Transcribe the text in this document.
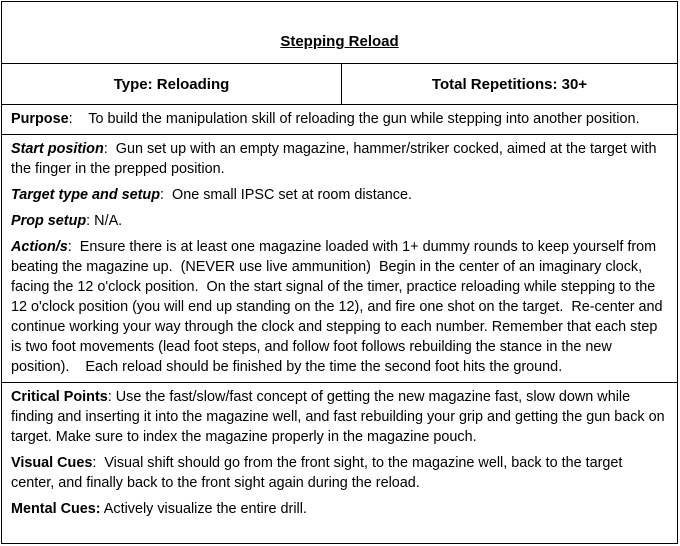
Stepping Reload
Type: Reloading	Total Repetitions: 30+
Purpose:    To build the manipulation skill of reloading the gun while stepping into another position.
Start position:  Gun set up with an empty magazine, hammer/striker cocked, aimed at the target with the finger in the prepped position.
Target type and setup:  One small IPSC set at room distance.
Prop setup: N/A.
Action/s:  Ensure there is at least one magazine loaded with 1+ dummy rounds to keep yourself from beating the magazine up.  (NEVER use live ammunition)  Begin in the center of an imaginary clock, facing the 12 o'clock position.  On the start signal of the timer, practice reloading while stepping to the 12 o'clock position (you will end up standing on the 12), and fire one shot on the target.  Re-center and continue working your way through the clock and stepping to each number. Remember that each step is two foot movements (lead foot steps, and follow foot follows rebuilding the stance in the new position).    Each reload should be finished by the time the second foot hits the ground.
Critical Points: Use the fast/slow/fast concept of getting the new magazine fast, slow down while finding and inserting it into the magazine well, and fast rebuilding your grip and getting the gun back on target. Make sure to index the magazine properly in the magazine pouch.
Visual Cues:  Visual shift should go from the front sight, to the magazine well, back to the target center, and finally back to the front sight again during the reload.
Mental Cues: Actively visualize the entire drill.
